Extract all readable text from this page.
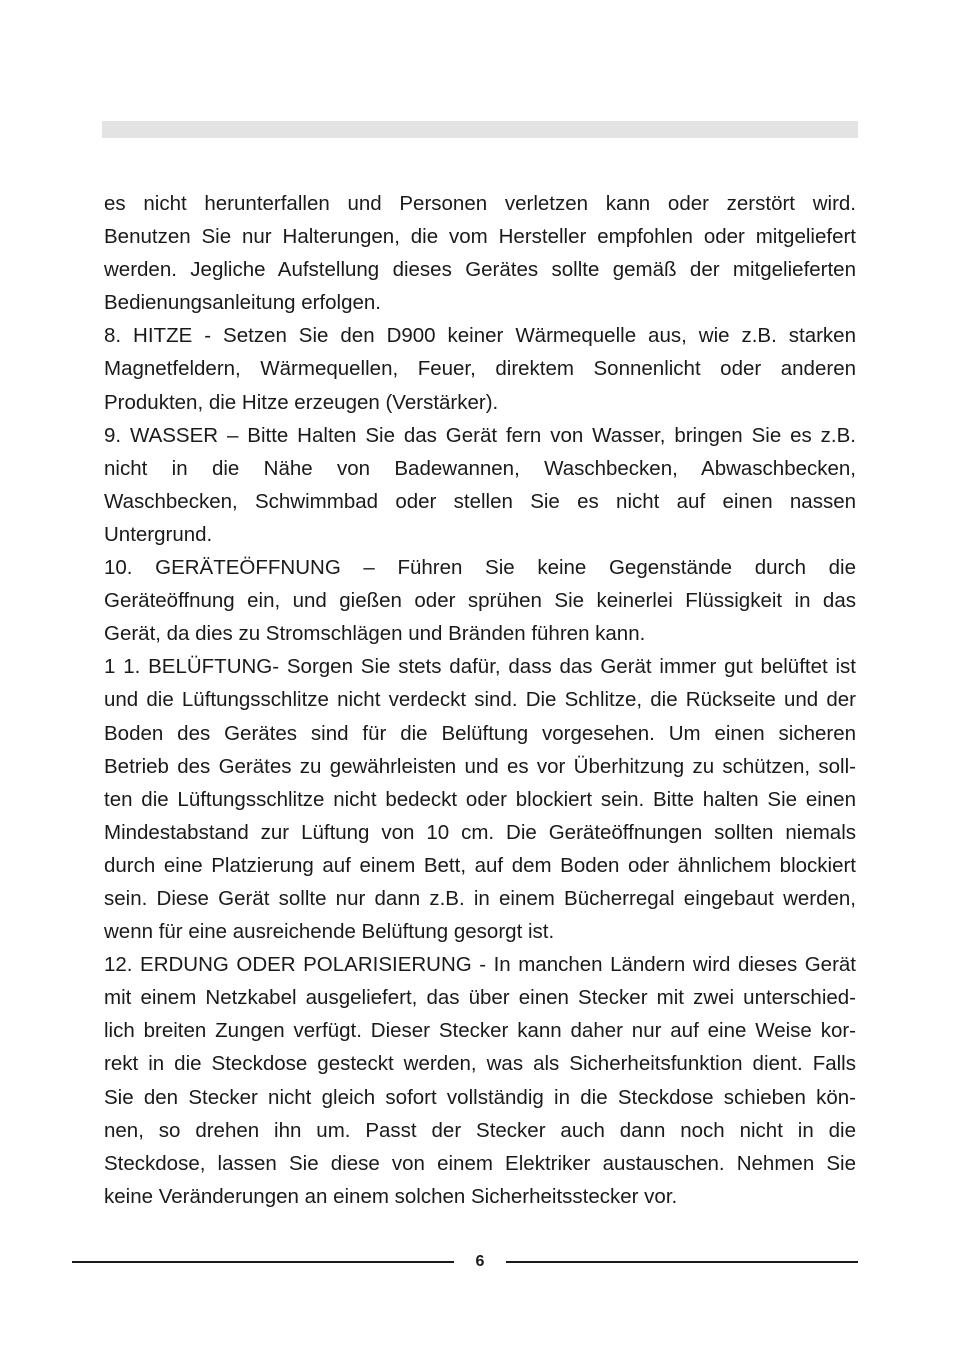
es nicht herunterfallen und Personen verletzen kann oder zerstört wird.
Benutzen Sie nur Halterungen, die vom Hersteller empfohlen oder mitgeliefert
werden. Jegliche Aufstellung dieses Gerätes sollte gemäß der mitgelieferten
Bedienungsanleitung erfolgen.
8. HITZE - Setzen Sie den D900 keiner Wärmequelle aus, wie z.B. starken
Magnetfeldern, Wärmequellen, Feuer, direktem Sonnenlicht oder anderen
Produkten, die Hitze erzeugen (Verstärker).
9. WASSER – Bitte Halten Sie das Gerät fern von Wasser, bringen Sie es z.B.
nicht in die Nähe von Badewannen, Waschbecken, Abwaschbecken,
Waschbecken, Schwimmbad oder stellen Sie es nicht auf einen nassen
Untergrund.
10. GERÄTEÖFFNUNG – Führen Sie keine Gegenstände durch die
Geräteöffnung ein, und gießen oder sprühen Sie keinerlei Flüssigkeit in das
Gerät, da dies zu Stromschlägen und Bränden führen kann.
1 1. BELÜFTUNG- Sorgen Sie stets dafür, dass das Gerät immer gut belüftet ist
und die Lüftungsschlitze nicht verdeckt sind. Die Schlitze, die Rückseite und der
Boden des Gerätes sind für die Belüftung vorgesehen. Um einen sicheren
Betrieb des Gerätes zu gewährleisten und es vor Überhitzung zu schützen, soll-
ten die Lüftungsschlitze nicht bedeckt oder blockiert sein. Bitte halten Sie einen
Mindestabstand zur Lüftung von 10 cm. Die Geräteöffnungen sollten niemals
durch eine Platzierung auf einem Bett, auf dem Boden oder ähnlichem blockiert
sein. Diese Gerät sollte nur dann z.B. in einem Bücherregal eingebaut werden,
wenn für eine ausreichende Belüftung gesorgt ist.
12. ERDUNG ODER POLARISIERUNG - In manchen Ländern wird dieses Gerät
mit einem Netzkabel ausgeliefert, das über einen Stecker mit zwei unterschied-
lich breiten Zungen verfügt. Dieser Stecker kann daher nur auf eine Weise kor-
rekt in die Steckdose gesteckt werden, was als Sicherheitsfunktion dient. Falls
Sie den Stecker nicht gleich sofort vollständig in die Steckdose schieben kön-
nen, so drehen ihn um. Passt der Stecker auch dann noch nicht in die
Steckdose, lassen Sie diese von einem Elektriker austauschen. Nehmen Sie
keine Veränderungen an einem solchen Sicherheitsstecker vor.
6
